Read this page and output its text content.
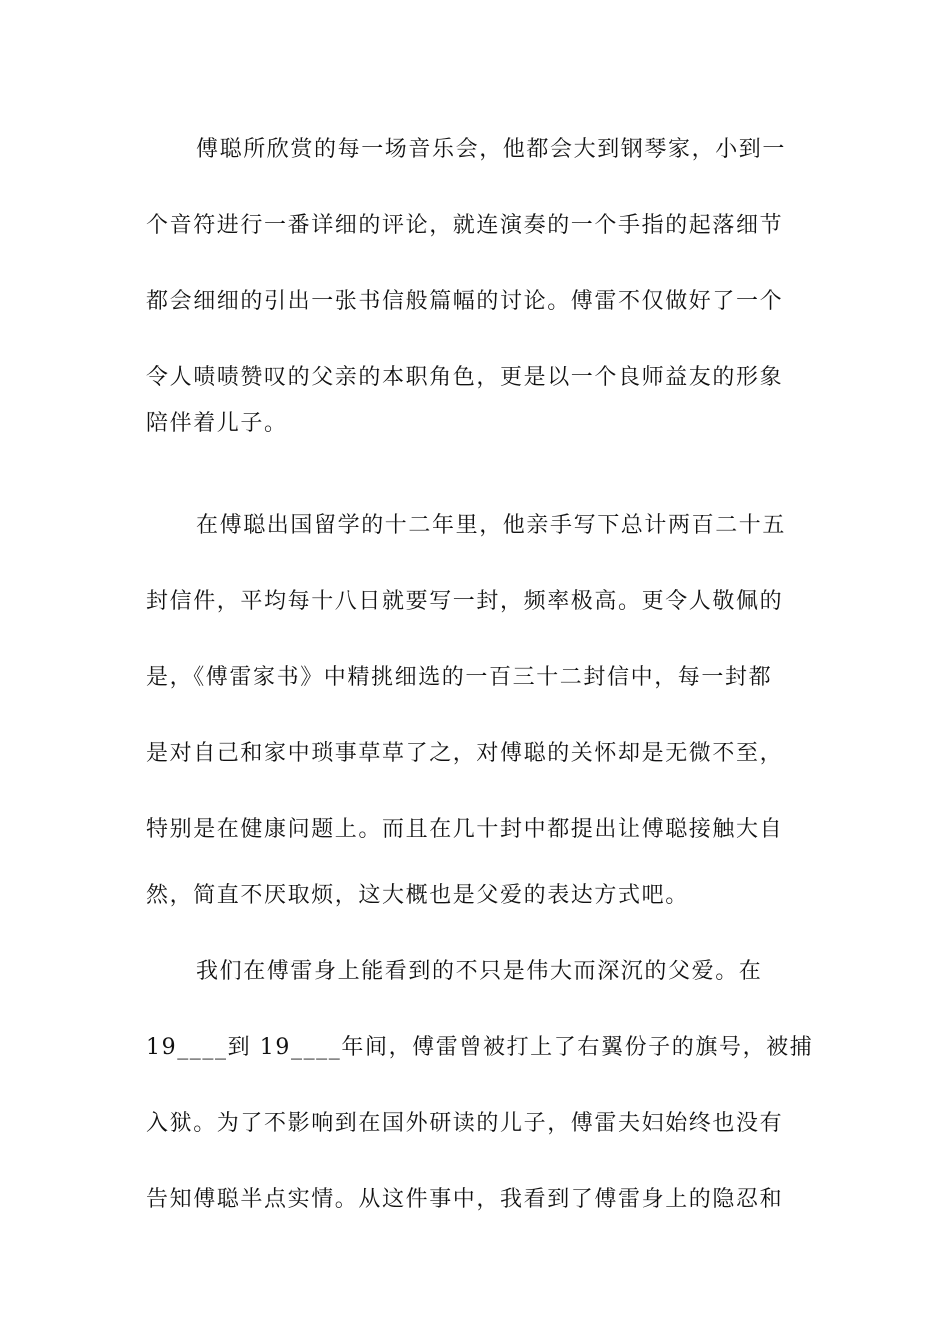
傅聪所欣赏的每一场音乐会，他都会大到钢琴家，小到一
个音符进行一番详细的评论，就连演奏的一个手指的起落细节
都会细细的引出一张书信般篇幅的讨论。傅雷不仅做好了一个
令人啧啧赞叹的父亲的本职角色，更是以一个良师益友的形象
陪伴着儿子。
在傅聪出国留学的十二年里，他亲手写下总计两百二十五
封信件，平均每十八日就要写一封，频率极高。更令人敬佩的
是，《傅雷家书》中精挑细选的一百三十二封信中，每一封都
是对自己和家中琐事草草了之，对傅聪的关怀却是无微不至，
特别是在健康问题上。而且在几十封中都提出让傅聪接触大自
然，简直不厌取烦，这大概也是父爱的表达方式吧。
我们在傅雷身上能看到的不只是伟大而深沉的父爱。在
19____到 19____年间，傅雷曾被打上了右翼份子的旗号，被捕
入狱。为了不影响到在国外研读的儿子，傅雷夫妇始终也没有
告知傅聪半点实情。从这件事中，我看到了傅雷身上的隐忍和
